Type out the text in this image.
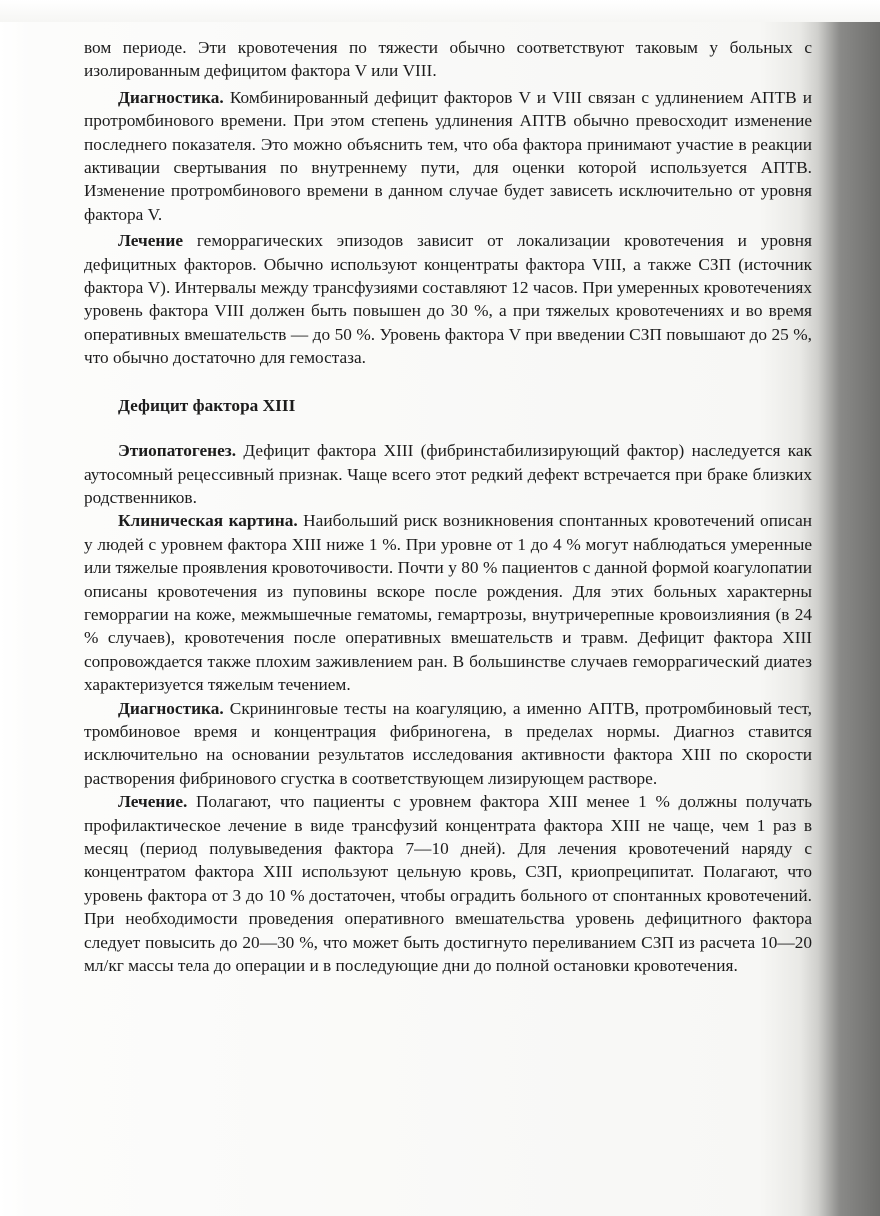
вом периоде. Эти кровотечения по тяжести обычно соответствуют таковым у больных с изолированным дефицитом фактора V или VIII.

Диагностика. Комбинированный дефицит факторов V и VIII связан с удлинением АПТВ и протромбинового времени. При этом степень удлинения АПТВ обычно превосходит изменение последнего показателя. Это можно объяснить тем, что оба фактора принимают участие в реакции активации свертывания по внутреннему пути, для оценки которой используется АПТВ. Изменение протромбинового времени в данном случае будет зависеть исключительно от уровня фактора V.

Лечение геморрагических эпизодов зависит от локализации кровотечения и уровня дефицитных факторов. Обычно используют концентраты фактора VIII, а также СЗП (источник фактора V). Интервалы между трансфузиями составляют 12 часов. При умеренных кровотечениях уровень фактора VIII должен быть повышен до 30 %, а при тяжелых кровотечениях и во время оперативных вмешательств — до 50 %. Уровень фактора V при введении СЗП повышают до 25 %, что обычно достаточно для гемостаза.

Дефицит фактора XIII

Этиопатогенез. Дефицит фактора XIII (фибринстабилизирующий фактор) наследуется как аутосомный рецессивный признак. Чаще всего этот редкий дефект встречается при браке близких родственников.

Клиническая картина. Наибольший риск возникновения спонтанных кровотечений описан у людей с уровнем фактора XIII ниже 1 %. При уровне от 1 до 4 % могут наблюдаться умеренные или тяжелые проявления кровоточивости. Почти у 80 % пациентов с данной формой коагулопатии описаны кровотечения из пуповины вскоре после рождения. Для этих больных характерны геморрагии на коже, межмышечные гематомы, гемартрозы, внутричерепные кровоизлияния (в 24 % случаев), кровотечения после оперативных вмешательств и травм. Дефицит фактора XIII сопровождается также плохим заживлением ран. В большинстве случаев геморрагический диатез характеризуется тяжелым течением.

Диагностика. Скрининговые тесты на коагуляцию, а именно АПТВ, протромбиновый тест, тромбиновое время и концентрация фибриногена, в пределах нормы. Диагноз ставится исключительно на основании результатов исследования активности фактора XIII по скорости растворения фибринового сгустка в соответствующем лизирующем растворе.

Лечение. Полагают, что пациенты с уровнем фактора XIII менее 1 % должны получать профилактическое лечение в виде трансфузий концентрата фактора XIII не чаще, чем 1 раз в месяц (период полувыведения фактора 7—10 дней). Для лечения кровотечений наряду с концентратом фактора XIII используют цельную кровь, СЗП, криопреципитат. Полагают, что уровень фактора от 3 до 10 % достаточен, чтобы оградить больного от спонтанных кровотечений. При необходимости проведения оперативного вмешательства уровень дефицитного фактора следует повысить до 20—30 %, что может быть достигнуто переливанием СЗП из расчета 10—20 мл/кг массы тела до операции и в последующие дни до полной остановки кровотечения.
